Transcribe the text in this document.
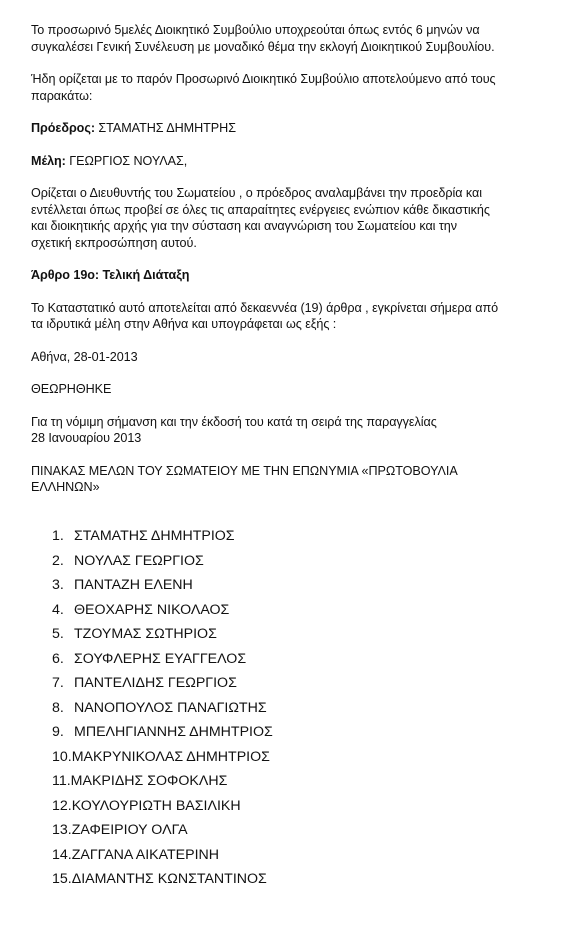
Το προσωρινό 5μελές Διοικητικό Συμβούλιο υποχρεούται όπως εντός 6 μηνών να
συγκαλέσει Γενική Συνέλευση με μοναδικό θέμα την εκλογή Διοικητικού Συμβουλίου.

Ήδη ορίζεται με το παρόν Προσωρινό Διοικητικό Συμβούλιο αποτελούμενο από τους
παρακάτω:

Πρόεδρος: ΣΤΑΜΑΤΗΣ ΔΗΜΗΤΡΗΣ

Μέλη: ΓΕΩΡΓΙΟΣ ΝΟΥΛΑΣ,

Ορίζεται ο Διευθυντής του Σωματείου , ο πρόεδρος αναλαμβάνει την προεδρία και
εντέλλεται όπως προβεί σε όλες τις απαραίτητες ενέργειες ενώπιον κάθε δικαστικής
και διοικητικής αρχής για την σύσταση και αναγνώριση του Σωματείου και την
σχετική εκπροσώπηση αυτού.

Άρθρο 19ο: Τελική Διάταξη

Το Καταστατικό αυτό αποτελείται από δεκαεννέα (19) άρθρα , εγκρίνεται σήμερα από
τα ιδρυτικά μέλη στην Αθήνα και υπογράφεται ως εξής :

Αθήνα, 28-01-2013

ΘΕΩΡΗΘΗΚΕ

Για τη νόμιμη σήμανση και την έκδοσή του κατά τη σειρά της παραγγελίας
28 Ιανουαρίου 2013

ΠΙΝΑΚΑΣ ΜΕΛΩΝ ΤΟΥ ΣΩΜΑΤΕΙΟΥ ΜΕ ΤΗΝ ΕΠΩΝΥΜΙΑ «ΠΡΩΤΟΒΟΥΛΙΑ
ΕΛΛΗΝΩΝ»

1. ΣΤΑΜΑΤΗΣ ΔΗΜΗΤΡΙΟΣ
2. ΝΟΥΛΑΣ ΓΕΩΡΓΙΟΣ
3. ΠΑΝΤΑΖΗ ΕΛΕΝΗ
4. ΘΕΟΧΑΡΗΣ ΝΙΚΟΛΑΟΣ
5. ΤΖΟΥΜΑΣ ΣΩΤΗΡΙΟΣ
6. ΣΟΥΦΛΕΡΗΣ ΕΥΑΓΓΕΛΟΣ
7. ΠΑΝΤΕΛΙΔΗΣ ΓΕΩΡΓΙΟΣ
8. ΝΑΝΟΠΟΥΛΟΣ ΠΑΝΑΓΙΩΤΗΣ
9. ΜΠΕΛΗΓΙΑΝΝΗΣ ΔΗΜΗΤΡΙΟΣ
10.ΜΑΚΡΥΝΙΚΟΛΑΣ ΔΗΜΗΤΡΙΟΣ
11.ΜΑΚΡΙΔΗΣ ΣΟΦΟΚΛΗΣ
12.ΚΟΥΛΟΥΡΙΩΤΗ ΒΑΣΙΛΙΚΗ
13.ΖΑΦΕΙΡΙΟΥ ΟΛΓΑ
14.ΖΑΓΓΑΝΑ ΑΙΚΑΤΕΡΙΝΗ
15.ΔΙΑΜΑΝΤΗΣ ΚΩΝΣΤΑΝΤΙΝΟΣ
